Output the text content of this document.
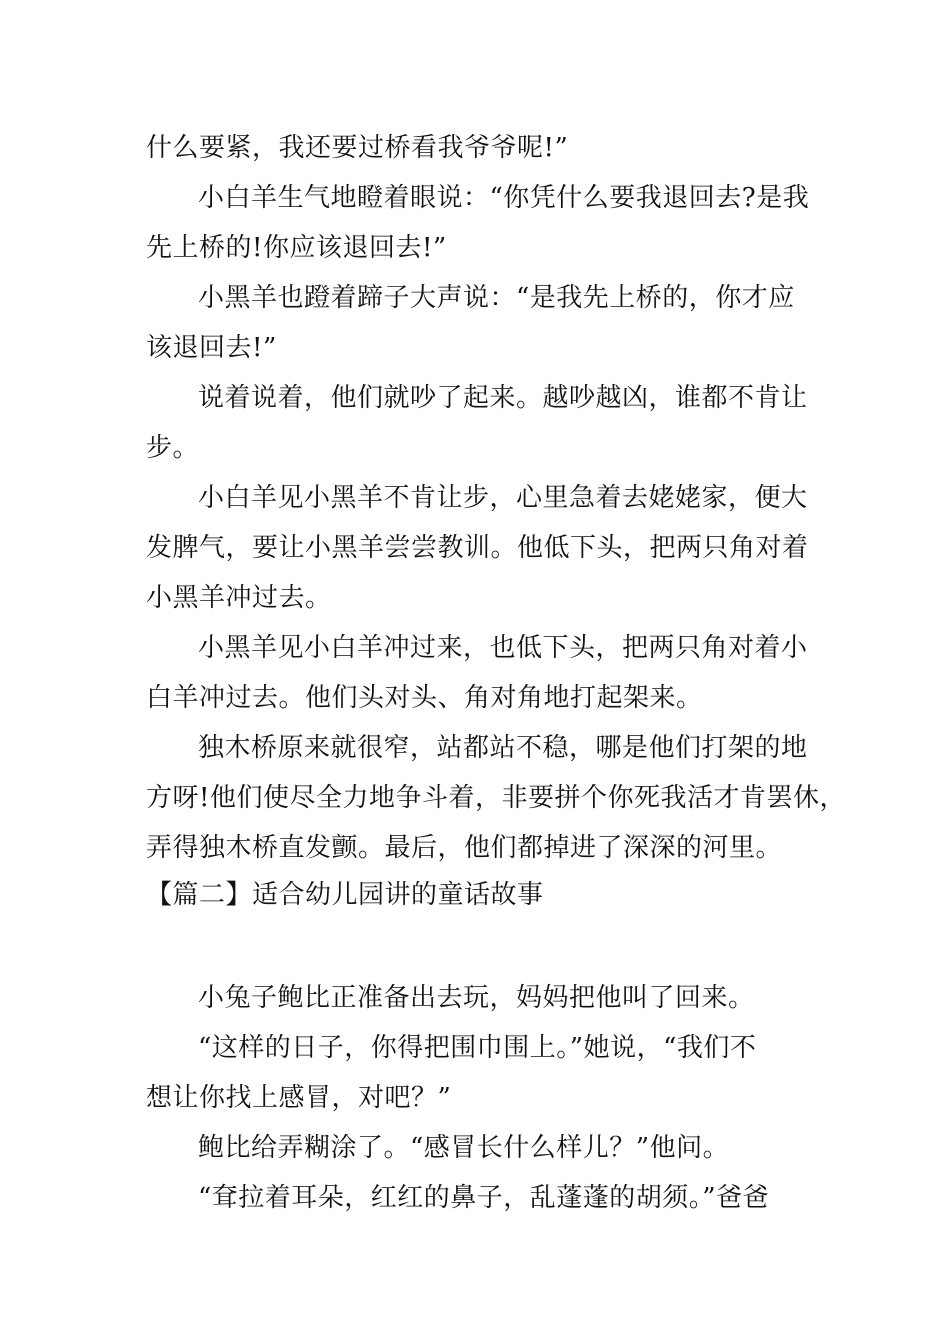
什么要紧，我还要过桥看我爷爷呢!”
小白羊生气地瞪着眼说：“你凭什么要我退回去?是我
先上桥的!你应该退回去!”
小黑羊也蹬着蹄子大声说：“是我先上桥的，你才应
该退回去!”
说着说着，他们就吵了起来。越吵越凶，谁都不肯让
步。
小白羊见小黑羊不肯让步，心里急着去姥姥家，便大
发脾气，要让小黑羊尝尝教训。他低下头，把两只角对着
小黑羊冲过去。
小黑羊见小白羊冲过来，也低下头，把两只角对着小
白羊冲过去。他们头对头、角对角地打起架来。
独木桥原来就很窄，站都站不稳，哪是他们打架的地
方呀!他们使尽全力地争斗着，非要拼个你死我活才肯罢休，
弄得独木桥直发颤。最后，他们都掉进了深深的河里。
【篇二】适合幼儿园讲的童话故事
小兔子鲍比正准备出去玩，妈妈把他叫了回来。
“这样的日子，你得把围巾围上。”她说，“我们不
想让你找上感冒，对吧？”
鲍比给弄糊涂了。“感冒长什么样儿？”他问。
“耷拉着耳朵，红红的鼻子，乱蓬蓬的胡须。”爸爸
